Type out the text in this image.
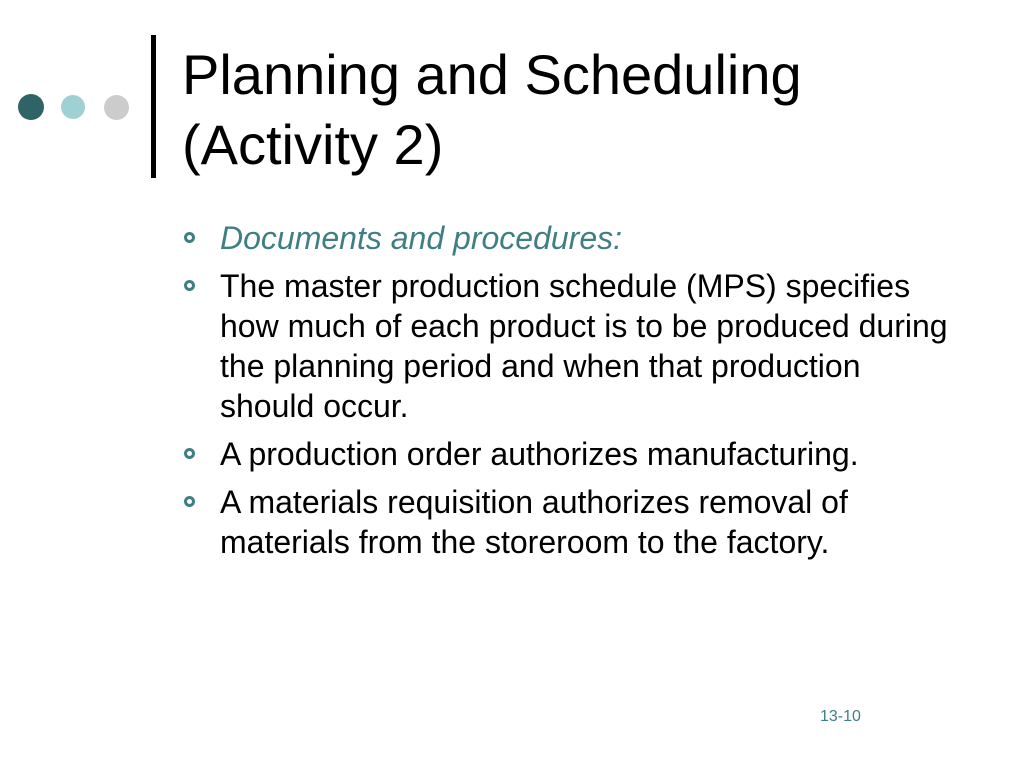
Planning and Scheduling
(Activity 2)
Documents and procedures:
The master production schedule (MPS) specifies how much of each product is to be produced during the planning period and when that production should occur.
A production order authorizes manufacturing.
A materials requisition authorizes removal of materials from the storeroom to the factory.
13-10
